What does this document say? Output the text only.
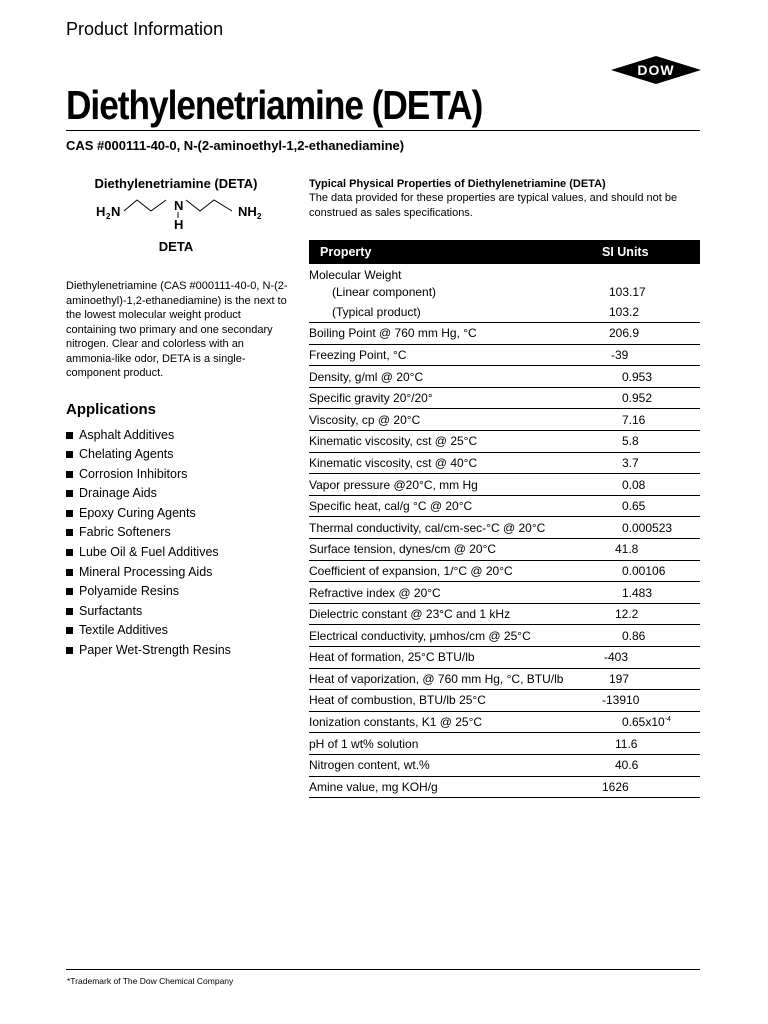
Product Information
DOW
Diethylenetriamine (DETA)
CAS #000111-40-0, N-(2-aminoethyl-1,2-ethanediamine)
Diethylenetriamine (DETA)
H 2 N	N
H
NH 2
DETA
Diethylenetriamine (CAS #000111-40-0, N-(2-aminoethyl)-1,2-ethanediamine) is the next to the lowest molecular weight product containing two primary and one secondary nitrogen. Clear and colorless with an ammonia-like odor, DETA is a single-component product.
Applications
Asphalt Additives
Chelating Agents
Corrosion Inhibitors
Drainage Aids
Epoxy Curing Agents
Fabric Softeners
Lube Oil & Fuel Additives
Mineral Processing Aids
Polyamide Resins
Surfactants
Textile Additives
Paper Wet-Strength Resins
Typical Physical Properties of Diethylenetriamine (DETA)
The data provided for these properties are typical values, and should not be construed as sales specifications.
Property	SI Units
Molecular Weight	
(Linear component)	103.17
(Typical product)	103.2
Boiling Point @ 760 mm Hg, °C	206.9
Freezing Point, °C	-39
Density, g/ml @ 20°C	0.953
Specific gravity 20°/20°	0.952
Viscosity, cp @ 20°C	7.16
Kinematic viscosity, cst @ 25°C	5.8
Kinematic viscosity, cst @ 40°C	3.7
Vapor pressure @20°C, mm Hg	0.08
Specific heat, cal/g °C @ 20°C	0.65
Thermal conductivity, cal/cm-sec-°C @ 20°C	0.000523
Surface tension, dynes/cm @ 20°C	41.8
Coefficient of expansion, 1/°C @ 20°C	0.00106
Refractive index @ 20°C	1.483
Dielectric constant @ 23°C and 1 kHz	12.2
Electrical conductivity, μmhos/cm @ 25°C	0.86
Heat of formation, 25°C BTU/lb	-403
Heat of vaporization, @ 760 mm Hg, °C, BTU/lb	197
Heat of combustion, BTU/lb 25°C	-13910
Ionization constants, K1 @ 25°C	$0.65x10^{-4}$
pH of 1 wt% solution	11.6
Nitrogen content, wt.%	40.6
Amine value, mg KOH/g	1626
*Trademark of The Dow Chemical Company
